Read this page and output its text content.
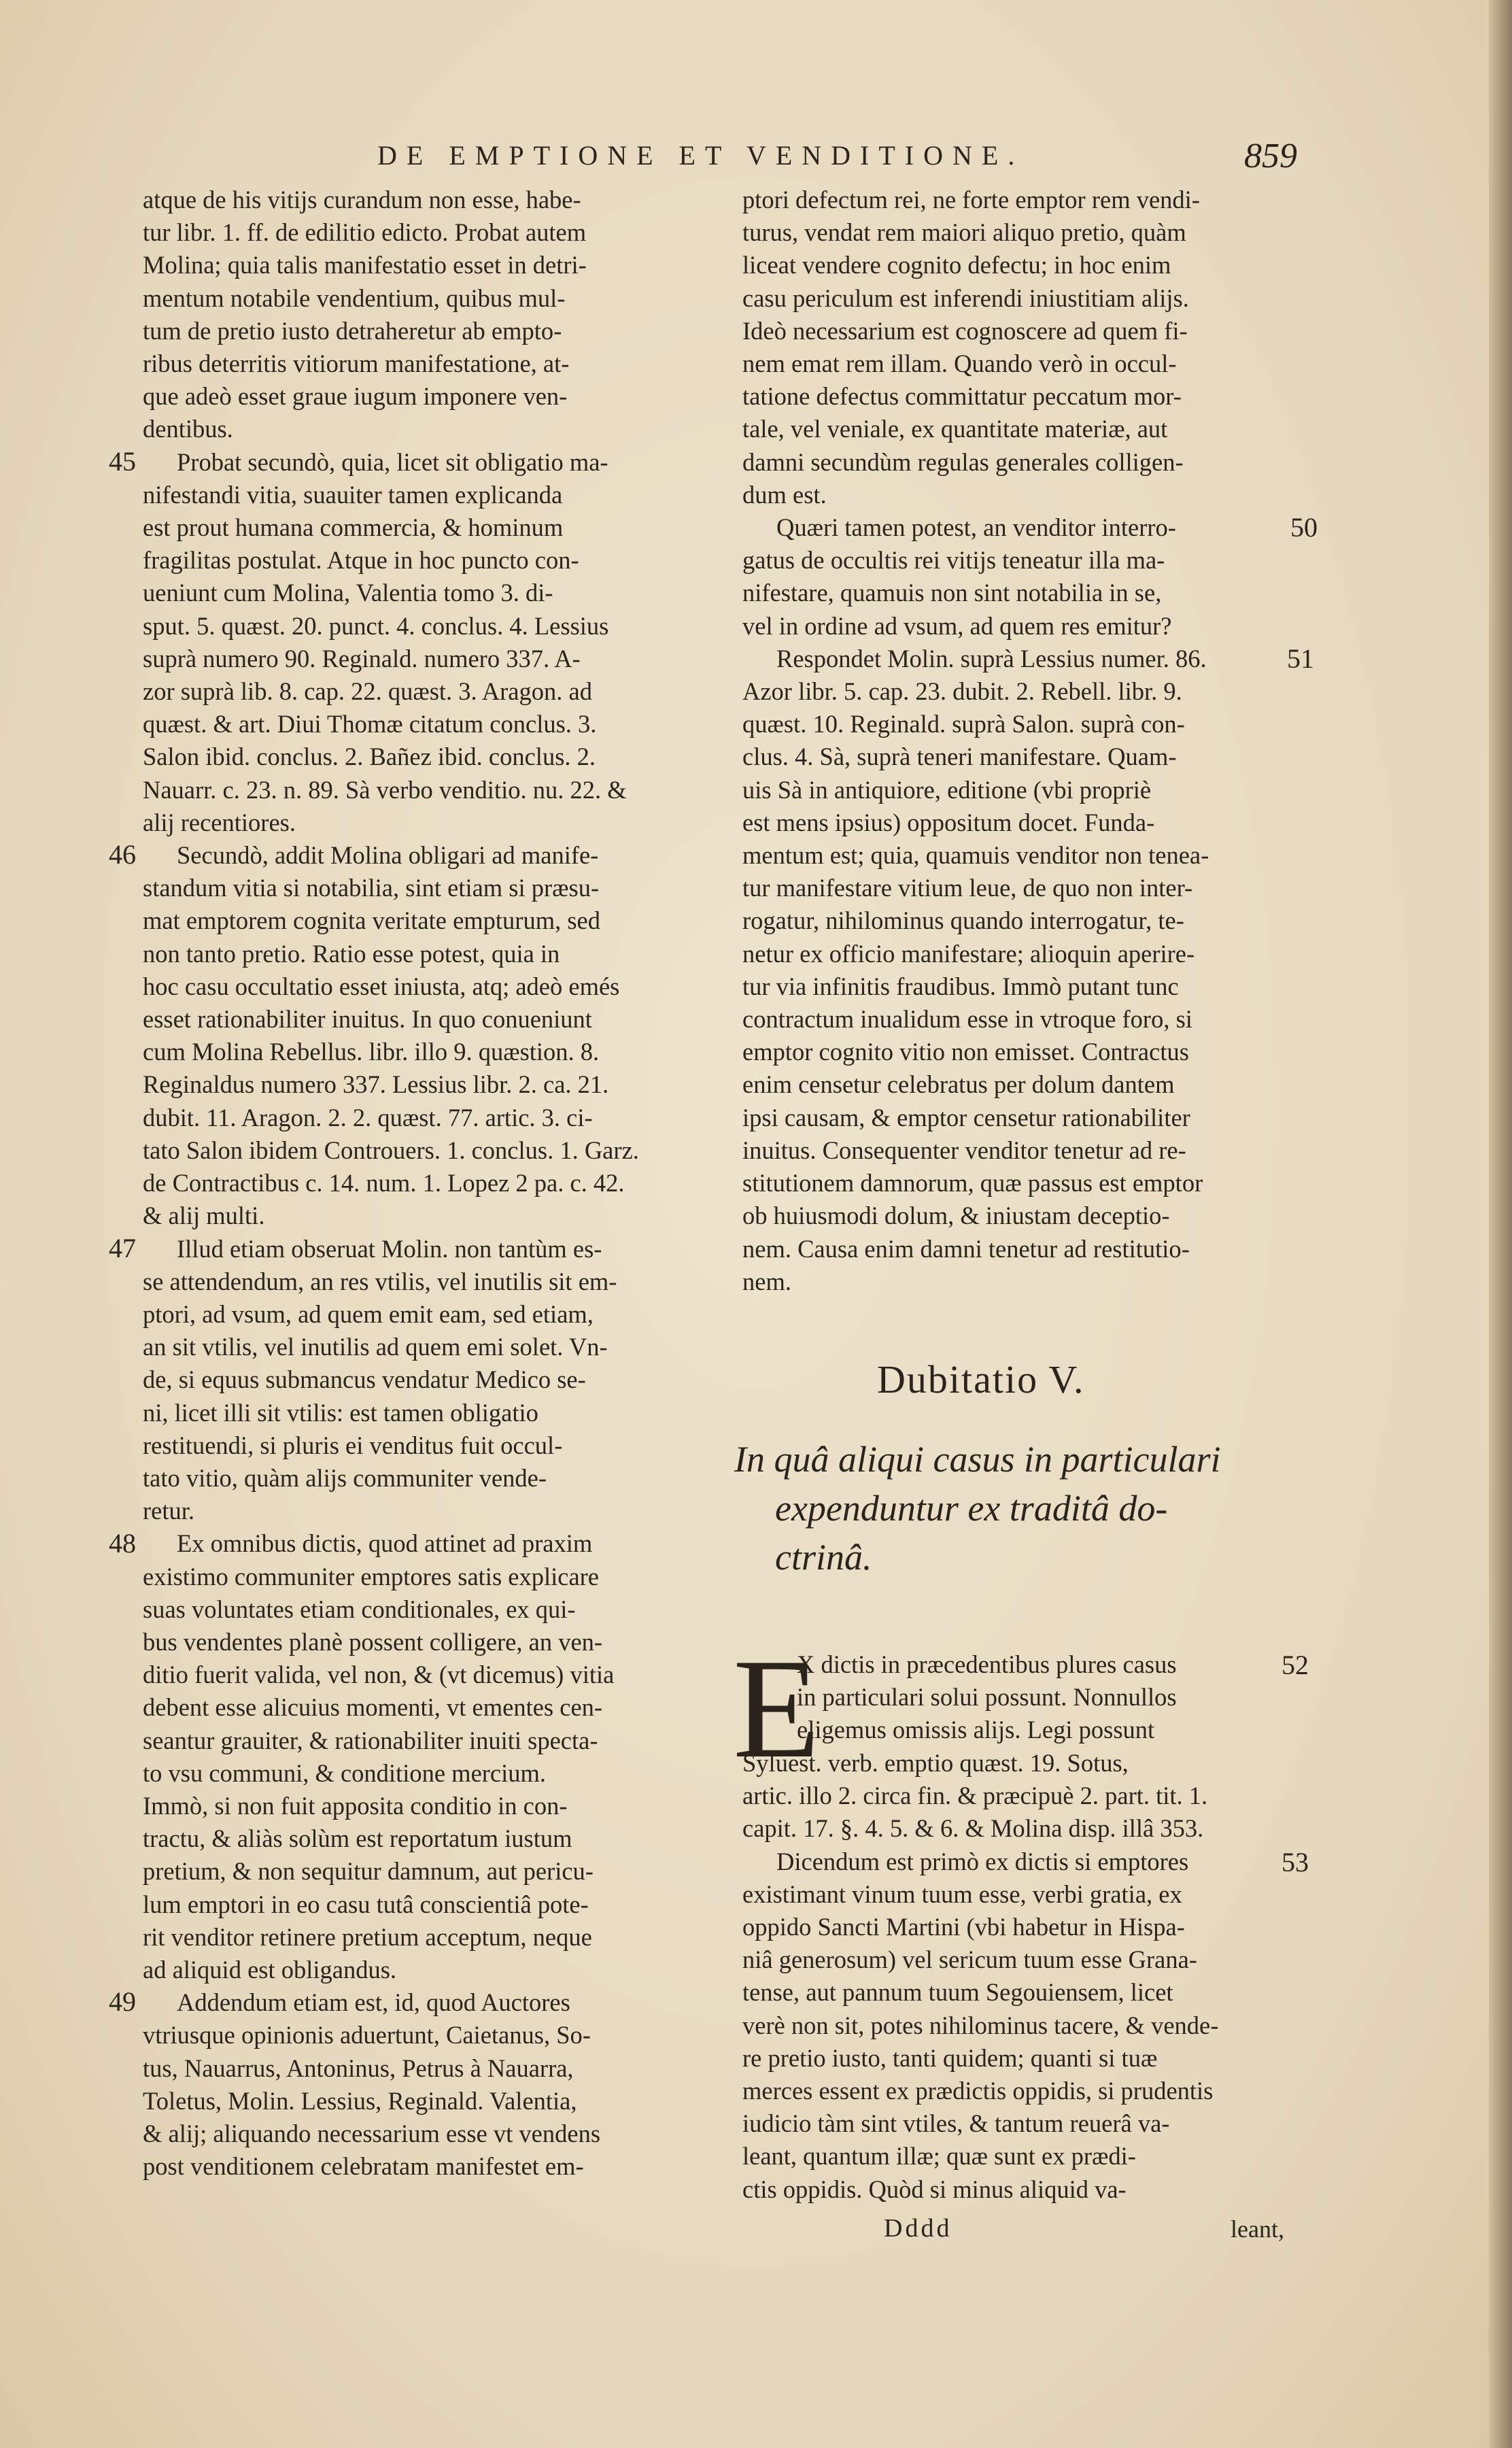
DE EMPTIONE ET VENDITIONE.	859

atque de his vitijs curandum non esse, habe-

tur libr. 1. ff. de edilitio edicto. Probat autem

Molina; quia talis manifestatio esset in detri-

mentum notabile vendentium, quibus mul-

tum de pretio iusto detraheretur ab empto-

ribus deterritis vitiorum manifestatione, at-

que adeò esset graue iugum imponere ven-

dentibus.

Probat secundò, quia, licet sit obligatio ma-

nifestandi vitia, suauiter tamen explicanda

est prout humana commercia, & hominum

fragilitas postulat. Atque in hoc puncto con-

ueniunt cum Molina, Valentia tomo 3. di-

sput. 5. quæst. 20. punct. 4. conclus. 4. Lessius

suprà numero 90. Reginald. numero 337. A-

zor suprà lib. 8. cap. 22. quæst. 3. Aragon. ad

quæst. & art. Diui Thomæ citatum conclus. 3.

Salon ibid. conclus. 2. Bañez ibid. conclus. 2.

Nauarr. c. 23. n. 89. Sà verbo venditio. nu. 22. &

alij recentiores.

Secundò, addit Molina obligari ad manife-

standum vitia si notabilia, sint etiam si præsu-

mat emptorem cognita veritate empturum, sed

non tanto pretio. Ratio esse potest, quia in

hoc casu occultatio esset iniusta, atq; adeò emés

esset rationabiliter inuitus. In quo conueniunt

cum Molina Rebellus. libr. illo 9. quæstion. 8.

Reginaldus numero 337. Lessius libr. 2. ca. 21.

dubit. 11. Aragon. 2. 2. quæst. 77. artic. 3. ci-

tato Salon ibidem Controuers. 1. conclus. 1. Garz.

de Contractibus c. 14. num. 1. Lopez 2 pa. c. 42.

& alij multi.

Illud etiam obseruat Molin. non tantùm es-

se attendendum, an res vtilis, vel inutilis sit em-

ptori, ad vsum, ad quem emit eam, sed etiam,

an sit vtilis, vel inutilis ad quem emi solet. Vn-

de, si equus submancus vendatur Medico se-

ni, licet illi sit vtilis: est tamen obligatio

restituendi, si pluris ei venditus fuit occul-

tato vitio, quàm alijs communiter vende-

retur.

Ex omnibus dictis, quod attinet ad praxim

existimo communiter emptores satis explicare

suas voluntates etiam conditionales, ex qui-

bus vendentes planè possent colligere, an ven-

ditio fuerit valida, vel non, & (vt dicemus) vitia

debent esse alicuius momenti, vt ementes cen-

seantur grauiter, & rationabiliter inuiti specta-

to vsu communi, & conditione mercium.

Immò, si non fuit apposita conditio in con-

tractu, & aliàs solùm est reportatum iustum

pretium, & non sequitur damnum, aut pericu-

lum emptori in eo casu tutâ conscientiâ pote-

rit venditor retinere pretium acceptum, neque

ad aliquid est obligandus.

Addendum etiam est, id, quod Auctores

vtriusque opinionis aduertunt, Caietanus, So-

tus, Nauarrus, Antoninus, Petrus à Nauarra,

Toletus, Molin. Lessius, Reginald. Valentia,

& alij; aliquando necessarium esse vt vendens

post venditionem celebratam manifestet em-

45
46
47
48
49

ptori defectum rei, ne forte emptor rem vendi-

turus, vendat rem maiori aliquo pretio, quàm

liceat vendere cognito defectu; in hoc enim

casu periculum est inferendi iniustitiam alijs.

Ideò necessarium est cognoscere ad quem fi-

nem emat rem illam. Quando verò in occul-

tatione defectus committatur peccatum mor-

tale, vel veniale, ex quantitate materiæ, aut

damni secundùm regulas generales colligen-

dum est.

Quæri tamen potest, an venditor interro-

gatus de occultis rei vitijs teneatur illa ma-

nifestare, quamuis non sint notabilia in se,

vel in ordine ad vsum, ad quem res emitur?

Respondet Molin. suprà Lessius numer. 86.

Azor libr. 5. cap. 23. dubit. 2. Rebell. libr. 9.

quæst. 10. Reginald. suprà Salon. suprà con-

clus. 4. Sà, suprà teneri manifestare. Quam-

uis Sà in antiquiore, editione (vbi propriè

est mens ipsius) oppositum docet. Funda-

mentum est; quia, quamuis venditor non tenea-

tur manifestare vitium leue, de quo non inter-

rogatur, nihilominus quando interrogatur, te-

netur ex officio manifestare; alioquin aperire-

tur via infinitis fraudibus. Immò putant tunc

contractum inualidum esse in vtroque foro, si

emptor cognito vitio non emisset. Contractus

enim censetur celebratus per dolum dantem

ipsi causam, & emptor censetur rationabiliter

inuitus. Consequenter venditor tenetur ad re-

stitutionem damnorum, quæ passus est emptor

ob huiusmodi dolum, & iniustam deceptio-

nem. Causa enim damni tenetur ad restitutio-

nem.

50
51
52
53
Dubitatio V.
In quâ aliqui casus in particulari
expenduntur ex traditâ do-
ctrinâ.
E

X dictis in præcedentibus plures casus

in particulari solui possunt. Nonnullos

eligemus omissis alijs. Legi possunt

Syluest. verb. emptio quæst. 19. Sotus,

artic. illo 2. circa fin. & præcipuè 2. part. tit. 1.

capit. 17. §. 4. 5. & 6. & Molina disp. illâ 353.

Dicendum est primò ex dictis si emptores

existimant vinum tuum esse, verbi gratia, ex

oppido Sancti Martini (vbi habetur in Hispa-

niâ generosum) vel sericum tuum esse Grana-

tense, aut pannum tuum Segouiensem, licet

verè non sit, potes nihilominus tacere, & vende-

re pretio iusto, tanti quidem; quanti si tuæ

merces essent ex prædictis oppidis, si prudentis

iudicio tàm sint vtiles, & tantum reuerâ va-

leant, quantum illæ; quæ sunt ex prædi-

ctis oppidis. Quòd si minus aliquid va-

Dddd	leant,
